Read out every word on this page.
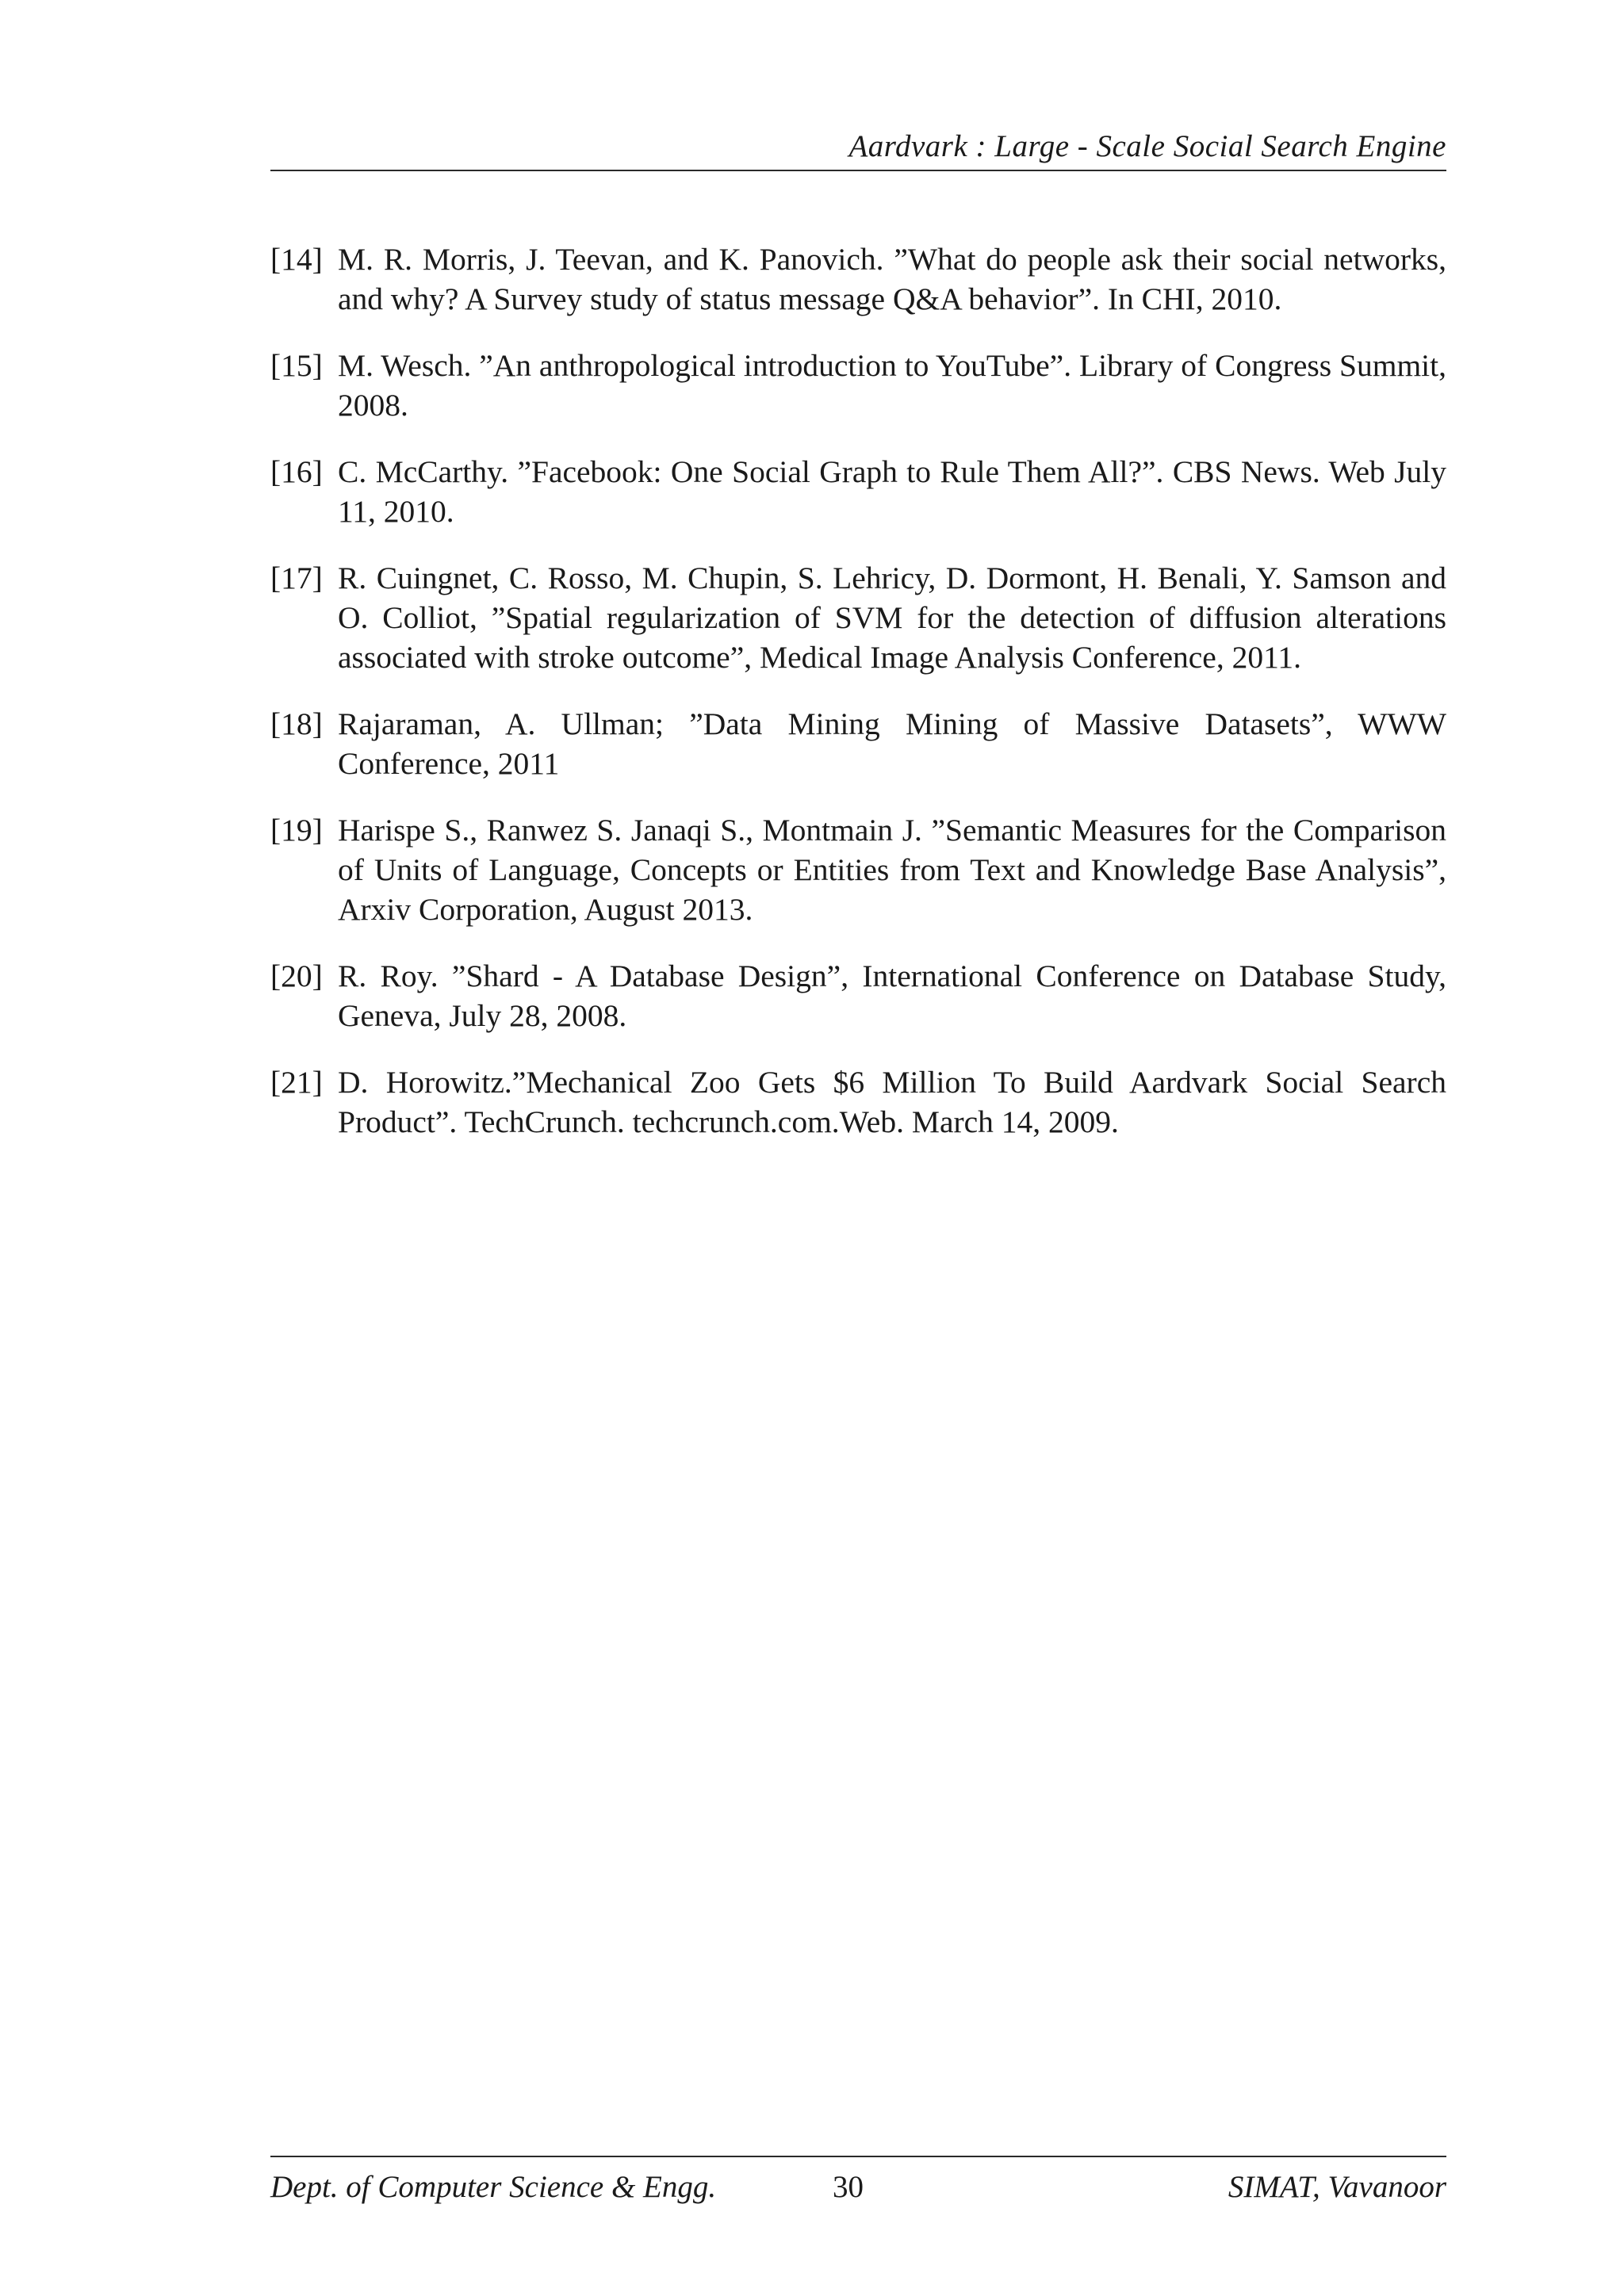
Aardvark : Large - Scale Social Search Engine
[14] M. R. Morris, J. Teevan, and K. Panovich. ”What do people ask their social networks, and why? A Survey study of status message Q&A behavior”. In CHI, 2010.
[15] M. Wesch. ”An anthropological introduction to YouTube”. Library of Congress Summit, 2008.
[16] C. McCarthy. ”Facebook: One Social Graph to Rule Them All?”. CBS News. Web July 11, 2010.
[17] R. Cuingnet, C. Rosso, M. Chupin, S. Lehricy, D. Dormont, H. Benali, Y. Samson and O. Colliot, ”Spatial regularization of SVM for the detection of diffusion alterations associated with stroke outcome”, Medical Image Analysis Conference, 2011.
[18] Rajaraman, A. Ullman; ”Data Mining Mining of Massive Datasets”, WWW Conference, 2011
[19] Harispe S., Ranwez S. Janaqi S., Montmain J. ”Semantic Measures for the Comparison of Units of Language, Concepts or Entities from Text and Knowledge Base Analysis”, Arxiv Corporation, August 2013.
[20] R. Roy. ”Shard - A Database Design”, International Conference on Database Study, Geneva, July 28, 2008.
[21] D. Horowitz.”Mechanical Zoo Gets $6 Million To Build Aardvark Social Search Product”. TechCrunch. techcrunch.com.Web. March 14, 2009.
Dept. of Computer Science & Engg.	30	SIMAT, Vavanoor
